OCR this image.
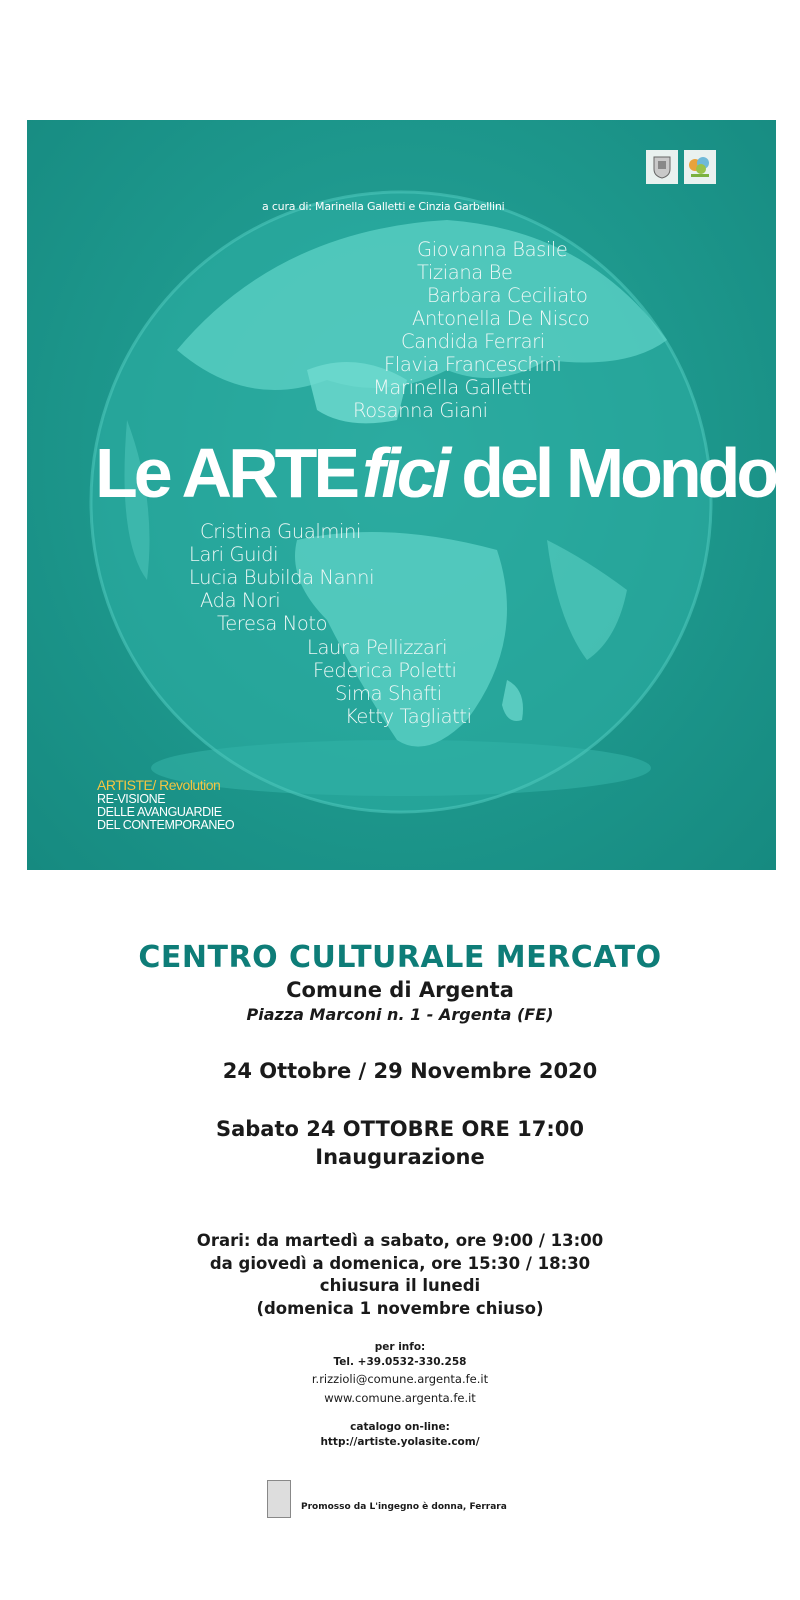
a cura di: Marinella Galletti e Cinzia Garbellini
Giovanna Basile
Tiziana Be
Barbara Ceciliato
Antonella De Nisco
Candida Ferrari
Flavia Franceschini
Marinella Galletti
Rosanna Giani
Le ARTEfici del Mondo
Cristina Gualmini
Lari Guidi
Lucia Bubilda Nanni
Ada Nori
Teresa Noto
Laura Pellizzari
Federica Poletti
Sima Shafti
Ketty Tagliatti
ARTISTE/ Revolution
RE-VISIONE
DELLE AVANGUARDIE
DEL CONTEMPORANEO
CENTRO CULTURALE MERCATO
Comune di Argenta
Piazza Marconi n. 1 - Argenta (FE)
24 Ottobre / 29 Novembre 2020
Sabato 24 OTTOBRE ORE 17:00
Inaugurazione
Orari: da martedì a sabato, ore 9:00 / 13:00
da giovedì a domenica, ore 15:30 / 18:30
chiusura il lunedi
(domenica 1 novembre chiuso)
per info:
Tel. +39.0532-330.258
r.rizzioli@comune.argenta.fe.it
www.comune.argenta.fe.it
catalogo on-line:
http://artiste.yolasite.com/
Promosso da L'ingegno è donna, Ferrara
